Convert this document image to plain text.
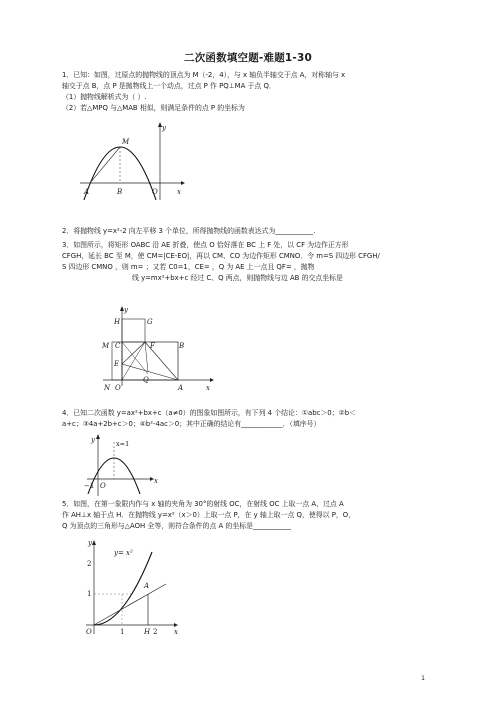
二次函数填空题-难题1-30
1．已知：如图，过原点的抛物线的顶点为 M（-2，4），与 x 轴负半轴交于点 A，对称轴与 x
轴交于点 B，点 P 是抛物线上一个动点，过点 P 作 PQ⊥MA 于点 Q．
（1）抛物线解析式为（ ）.
（2）若△MPQ 与△MAB 相似，则满足条件的点 P 的坐标为
y
M
A	B	O	x
2．将抛物线 y=x²-2 向左平移 3 个单位，所得抛物线的函数表达式为___________.
3．如图所示，将矩形 OABC 沿 AE 折叠，使点 O 恰好落在 BC 上 F 处，以 CF 为边作正方形
CFGH，延长 BC 至 M，使 CM=|CE-EO|，再以 CM、CO 为边作矩形 CMNO．令 m=S 四边形 CFGH/
S 四边形 CMNO ，则 m= ；又若 C0=1，CE= ，Q 为 AE 上一点且 QF= ，抛物
线 y=mx²+bx+c 经过 C、Q 两点，则抛物线与边 AB 的交点坐标是
y
H	G
M C	F	B
E
Q
N O	A	x
4．已知二次函数 y=ax²+bx+c（a≠0）的图象如图所示，有下列 4 个结论：①abc＞0；②b＜
a+c；③4a+2b+c＞0；④b²-4ac＞0；其中正确的结论有____________．（填序号）
y	x=1
−1 O
x
5．如图，在第一象限内作与 x 轴的夹角为 30°的射线 OC，在射线 OC 上取一点 A，过点 A
作 AH⊥x 轴于点 H．在抛物线 y=x²（x＞0）上取一点 P，在 y 轴上取一点 Q，使得以 P，O，
Q 为顶点的三角形与△AOH 全等，则符合条件的点 A 的坐标是___________
y
y= x²
2
1
A
O	1	H 2 x
1
